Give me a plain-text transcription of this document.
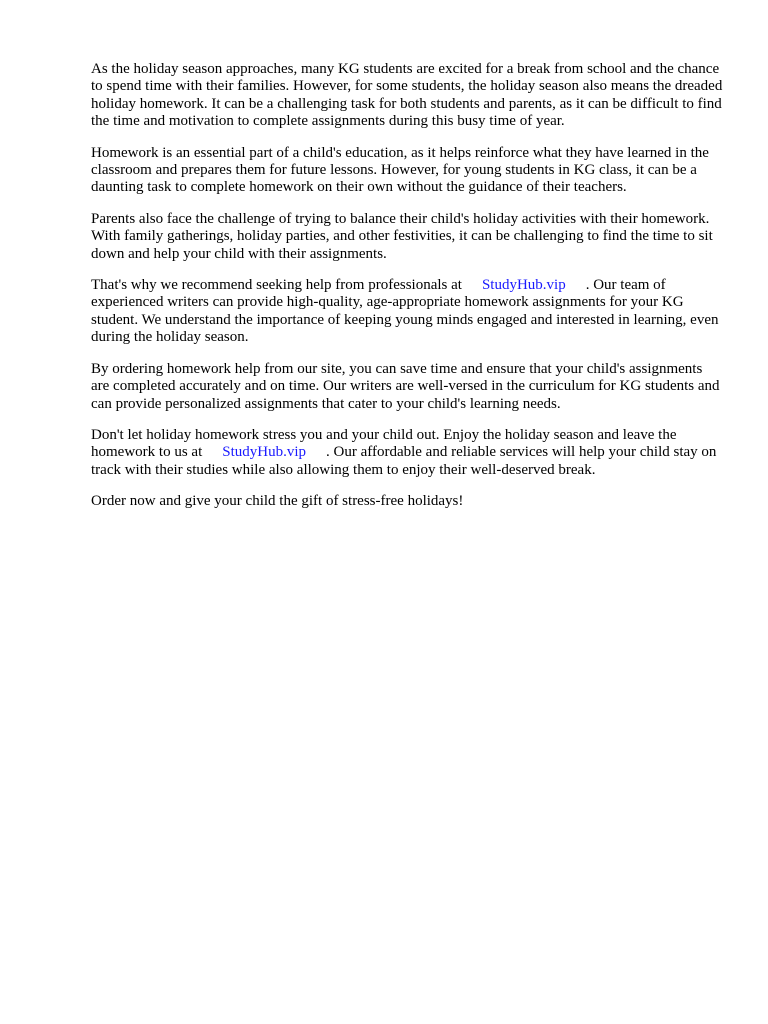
As the holiday season approaches, many KG students are excited for a break from school and the chance to spend time with their families. However, for some students, the holiday season also means the dreaded holiday homework. It can be a challenging task for both students and parents, as it can be difficult to find the time and motivation to complete assignments during this busy time of year.

Homework is an essential part of a child's education, as it helps reinforce what they have learned in the classroom and prepares them for future lessons. However, for young students in KG class, it can be a daunting task to complete homework on their own without the guidance of their teachers.

Parents also face the challenge of trying to balance their child's holiday activities with their homework. With family gatherings, holiday parties, and other festivities, it can be challenging to find the time to sit down and help your child with their assignments.

That's why we recommend seeking help from professionals at StudyHub.vip . Our team of experienced writers can provide high-quality, age-appropriate homework assignments for your KG student. We understand the importance of keeping young minds engaged and interested in learning, even during the holiday season.

By ordering homework help from our site, you can save time and ensure that your child's assignments are completed accurately and on time. Our writers are well-versed in the curriculum for KG students and can provide personalized assignments that cater to your child's learning needs.

Don't let holiday homework stress you and your child out. Enjoy the holiday season and leave the homework to us at StudyHub.vip . Our affordable and reliable services will help your child stay on track with their studies while also allowing them to enjoy their well-deserved break.

Order now and give your child the gift of stress-free holidays!
